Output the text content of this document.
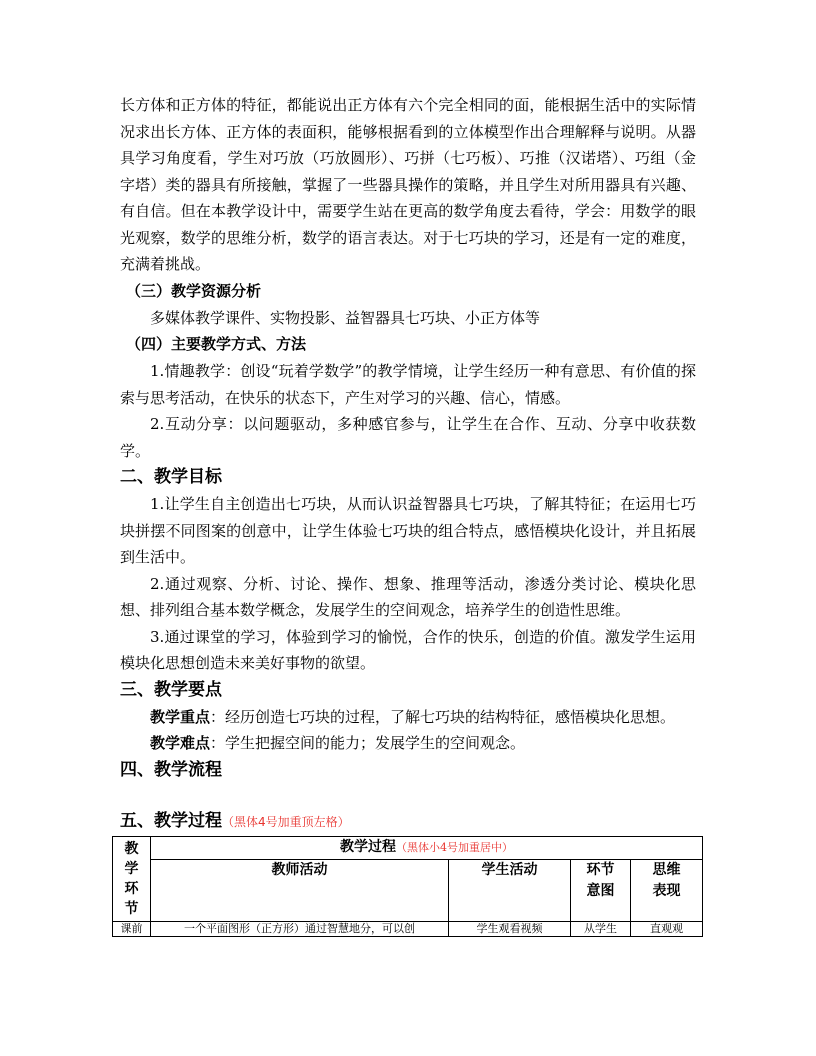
长方体和正方体的特征，都能说出正方体有六个完全相同的面，能根据生活中的实际情况求出长方体、正方体的表面积，能够根据看到的立体模型作出合理解释与说明。从器具学习角度看，学生对巧放（巧放圆形）、巧拼（七巧板）、巧推（汉诺塔）、巧组（金字塔）类的器具有所接触，掌握了一些器具操作的策略，并且学生对所用器具有兴趣、有自信。但在本教学设计中，需要学生站在更高的数学角度去看待，学会：用数学的眼光观察，数学的思维分析，数学的语言表达。对于七巧块的学习，还是有一定的难度，充满着挑战。

（三）教学资源分析

多媒体教学课件、实物投影、益智器具七巧块、小正方体等

（四）主要教学方式、方法

1.情趣教学：创设“玩着学数学”的教学情境，让学生经历一种有意思、有价值的探索与思考活动，在快乐的状态下，产生对学习的兴趣、信心，情感。

2.互动分享：以问题驱动，多种感官参与，让学生在合作、互动、分享中收获数学。

二、教学目标

1.让学生自主创造出七巧块，从而认识益智器具七巧块，了解其特征；在运用七巧块拼摆不同图案的创意中，让学生体验七巧块的组合特点，感悟模块化设计，并且拓展到生活中。

2.通过观察、分析、讨论、操作、想象、推理等活动，渗透分类讨论、模块化思想、排列组合基本数学概念，发展学生的空间观念，培养学生的创造性思维。

3.通过课堂的学习，体验到学习的愉悦，合作的快乐，创造的价值。激发学生运用模块化思想创造未来美好事物的欲望。

三、教学要点

教学重点：经历创造七巧块的过程，了解七巧块的结构特征，感悟模块化思想。

教学难点：学生把握空间的能力；发展学生的空间观念。

四、教学流程
五、教学过程（黑体4号加重顶左格）
教学环节	教学过程（黑体小4号加重居中）			
	教师活动	学生活动	环节意图	思维表现
课前	一个平面图形（正方形）通过智慧地分，可以创	学生观看视频	从学生	直观观
